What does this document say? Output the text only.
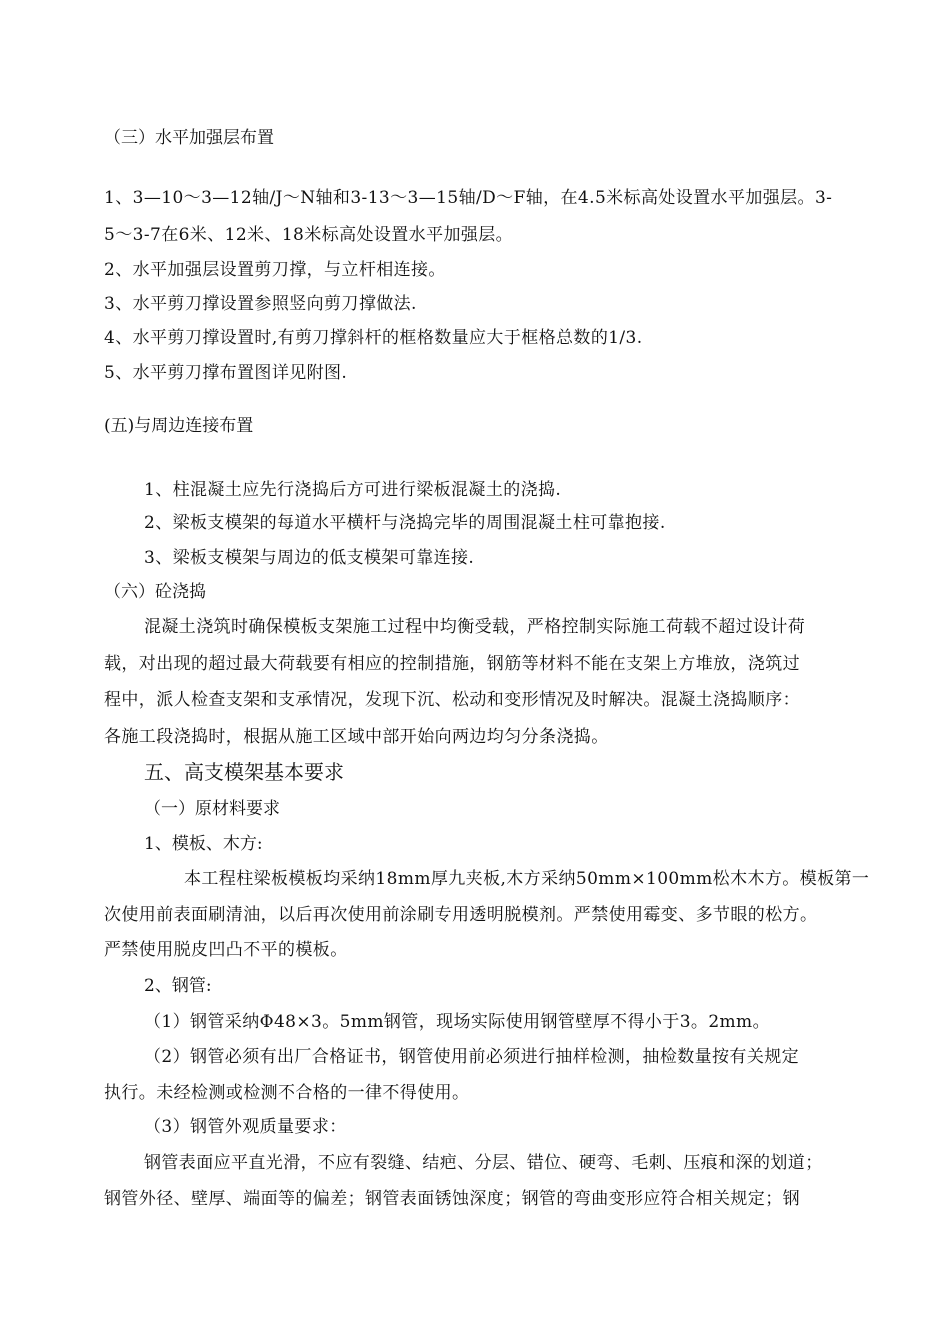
（三）水平加强层布置
1、3—10～3—12轴/J～N轴和3-13～3—15轴/D～F轴，在4.5米标高处设置水平加强层。3-
5～3-7在6米、12米、18米标高处设置水平加强层。
2、水平加强层设置剪刀撑，与立杆相连接。
3、水平剪刀撑设置参照竖向剪刀撑做法.
4、水平剪刀撑设置时,有剪刀撑斜杆的框格数量应大于框格总数的1/3.
5、水平剪刀撑布置图详见附图.
(五)与周边连接布置
1、柱混凝土应先行浇捣后方可进行梁板混凝土的浇捣.
2、梁板支模架的每道水平横杆与浇捣完毕的周围混凝土柱可靠抱接.
3、梁板支模架与周边的低支模架可靠连接.
（六）砼浇捣
混凝土浇筑时确保模板支架施工过程中均衡受载，严格控制实际施工荷载不超过设计荷
载，对出现的超过最大荷载要有相应的控制措施，钢筋等材料不能在支架上方堆放，浇筑过
程中，派人检查支架和支承情况，发现下沉、松动和变形情况及时解决。混凝土浇捣顺序：
各施工段浇捣时，根据从施工区域中部开始向两边均匀分条浇捣。
五、高支模架基本要求
（一）原材料要求
1、模板、木方:
本工程柱梁板模板均采纳18mm厚九夹板,木方采纳50mm×100mm松木木方。模板第一
次使用前表面刷清油，以后再次使用前涂刷专用透明脱模剂。严禁使用霉变、多节眼的松方。
严禁使用脱皮凹凸不平的模板。
2、钢管:
（1）钢管采纳Φ48×3。5mm钢管，现场实际使用钢管壁厚不得小于3。2mm。
（2）钢管必须有出厂合格证书，钢管使用前必须进行抽样检测，抽检数量按有关规定
执行。未经检测或检测不合格的一律不得使用。
（3）钢管外观质量要求：
钢管表面应平直光滑，不应有裂缝、结疤、分层、错位、硬弯、毛刺、压痕和深的划道；
钢管外径、壁厚、端面等的偏差；钢管表面锈蚀深度；钢管的弯曲变形应符合相关规定；钢
